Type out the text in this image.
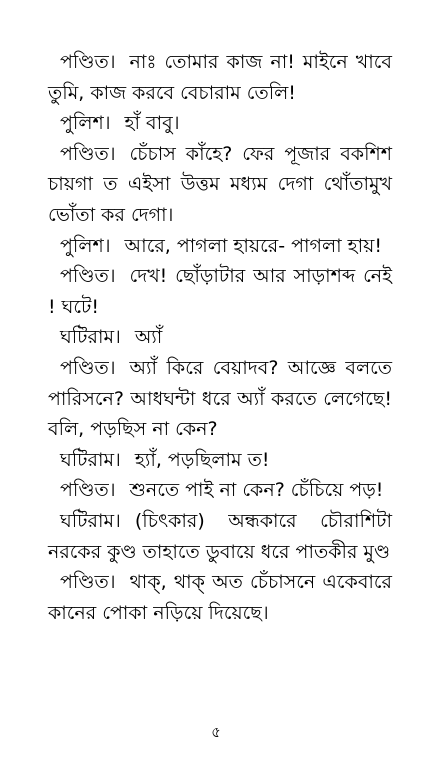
পণ্ডিত। নাঃ তোমার কাজ না! মাইনে খাবে তুমি, কাজ করবে বেচারাম তেলি!

পুলিশ। হাঁ বাবু।

পণ্ডিত। চেঁচাস কাঁহে? ফের পূজার বকশিশ চায়গা ত এইসা উত্তম মধ্যম দেগা থোঁতামুখ ভোঁতা কর দেগা।

পুলিশ। আরে, পাগলা হায়রে- পাগলা হায়!

পণ্ডিত। দেখ! ছোঁড়াটার আর সাড়াশব্দ নেই ! ঘটে!

ঘটিরাম। অ্যাঁ

পণ্ডিত। অ্যাঁ কিরে বেয়াদব? আজ্ঞে বলতে পারিসনে? আধঘন্টা ধরে অ্যাঁ করতে লেগেছে! বলি, পড়ছিস না কেন?

ঘটিরাম। হ্যাঁ, পড়ছিলাম ত!

পণ্ডিত। শুনতে পাই না কেন? চেঁচিয়ে পড়!

ঘটিরাম। (চিৎকার) অন্ধকারে চৌরাশিটা নরকের কুণ্ড তাহাতে ডুবায়ে ধরে পাতকীর মুণ্ড

পণ্ডিত। থাক্, থাক্ অত চেঁচাসনে একেবারে কানের পোকা নড়িয়ে দিয়েছে।

৫
